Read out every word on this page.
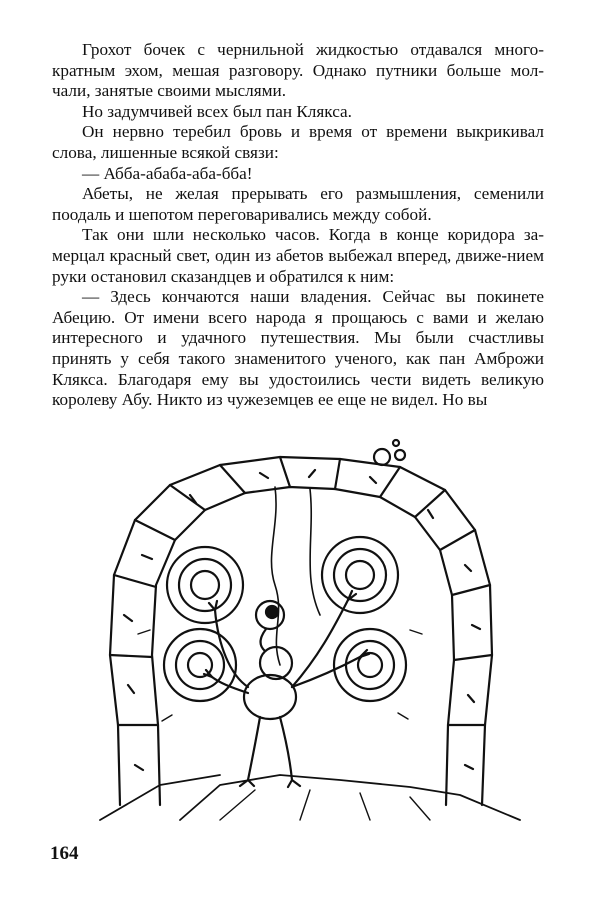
Грохот бочек с чернильной жидкостью отдавался много-кратным эхом, мешая разговору. Однако путники больше мол-чали, занятые своими мыслями.

Но задумчивей всех был пан Клякса.

Он нервно теребил бровь и время от времени выкрикивал слова, лишенные всякой связи:

— Абба-абаба-аба-бба!

Абеты, не желая прерывать его размышления, семенили поодаль и шепотом переговаривались между собой.

Так они шли несколько часов. Когда в конце коридора за-мерцал красный свет, один из абетов выбежал вперед, движе-нием руки остановил сказандцев и обратился к ним:

— Здесь кончаются наши владения. Сейчас вы покинете Абецию. От имени всего народа я прощаюсь с вами и желаю интересного и удачного путешествия. Мы были счастливы принять у себя такого знаменитого ученого, как пан Амброжи Клякса. Благодаря ему вы удостоились чести видеть великую королеву Абу. Никто из чужеземцев ее еще не видел. Но вы

164
